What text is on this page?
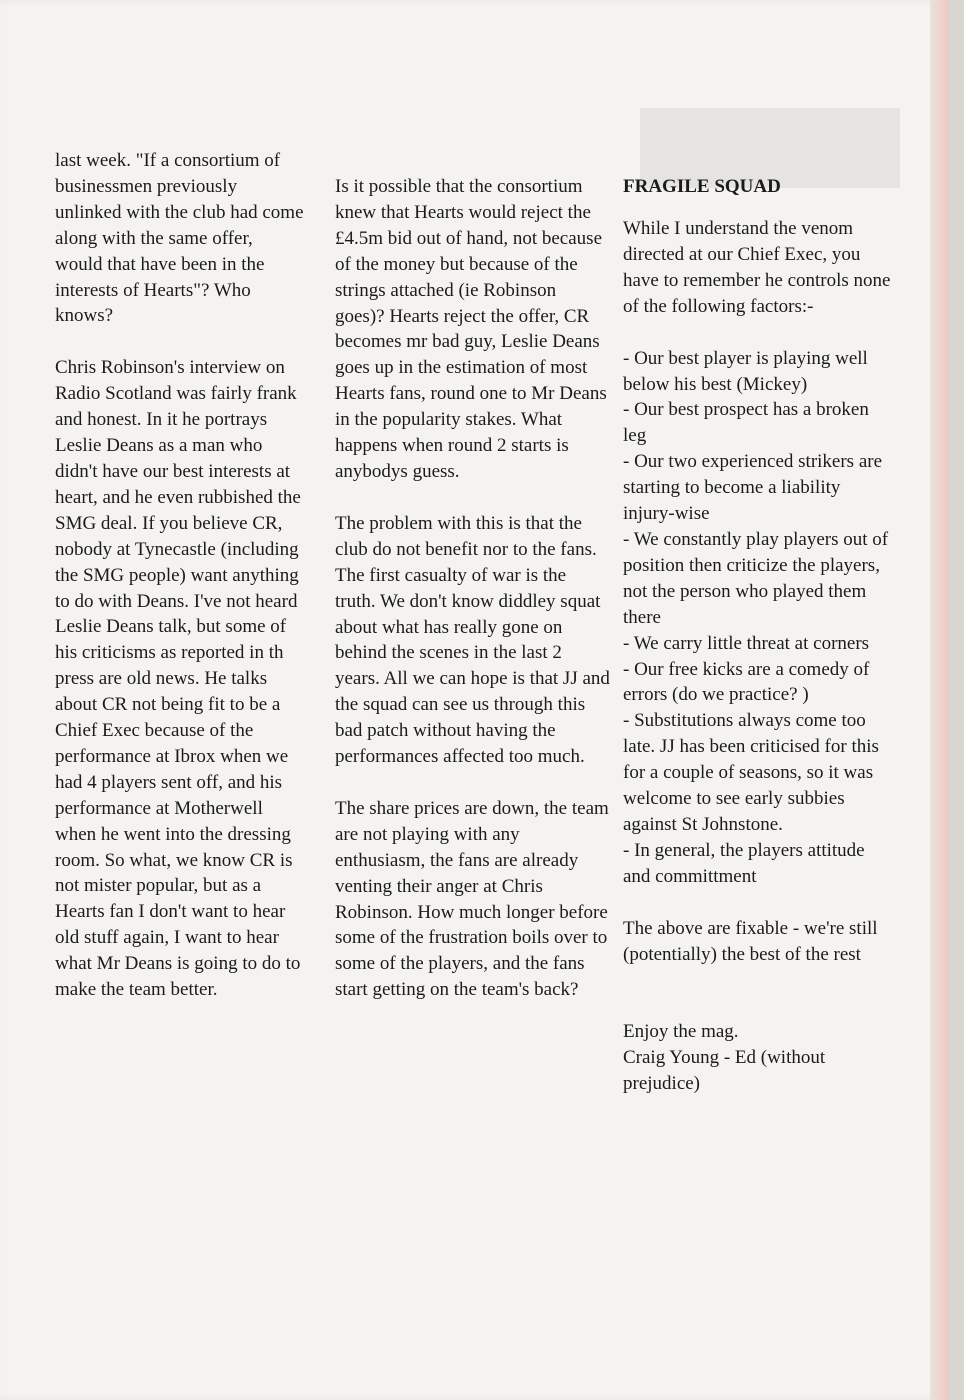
last week. "If a consortium of businessmen previously unlinked with the club had come along with the same offer, would that have been in the interests of Hearts"? Who knows?

Chris Robinson's interview on Radio Scotland was fairly frank and honest. In it he portrays Leslie Deans as a man who didn't have our best interests at heart, and he even rubbished the SMG deal. If you believe CR, nobody at Tynecastle (including the SMG people) want anything to do with Deans. I've not heard Leslie Deans talk, but some of his criticisms as reported in th press are old news. He talks about CR not being fit to be a Chief Exec because of the performance at Ibrox when we had 4 players sent off, and his performance at Motherwell when he went into the dressing room. So what, we know CR is not mister popular, but as a Hearts fan I don't want to hear old stuff again, I want to hear what Mr Deans is going to do to make the team better.

Is it possible that the consortium knew that Hearts would reject the £4.5m bid out of hand, not because of the money but because of the strings attached (ie Robinson goes)? Hearts reject the offer, CR becomes mr bad guy, Leslie Deans goes up in the estimation of most Hearts fans, round one to Mr Deans in the popularity stakes. What happens when round 2 starts is anybodys guess.

The problem with this is that the club do not benefit nor to the fans. The first casualty of war is the truth. We don't know diddley squat about what has really gone on behind the scenes in the last 2 years. All we can hope is that JJ and the squad can see us through this bad patch without having the performances affected too much.

The share prices are down, the team are not playing with any enthusiasm, the fans are already venting their anger at Chris Robinson. How much longer before some of the frustration boils over to some of the players, and the fans start getting on the team's back?

FRAGILE SQUAD

While I understand the venom directed at our Chief Exec, you have to remember he controls none of the following factors:-

- Our best player is playing well below his best (Mickey)
- Our best prospect has a broken leg
- Our two experienced strikers are starting to become a liability injury-wise
- We constantly play players out of position then criticize the players, not the person who played them there
- We carry little threat at corners
- Our free kicks are a comedy of errors (do we practice? )
- Substitutions always come too late. JJ has been criticised for this for a couple of seasons, so it was welcome to see early subbies against St Johnstone.
- In general, the players attitude and committment

The above are fixable - we're still (potentially) the best of the rest

Enjoy the mag.
Craig Young - Ed (without prejudice)
